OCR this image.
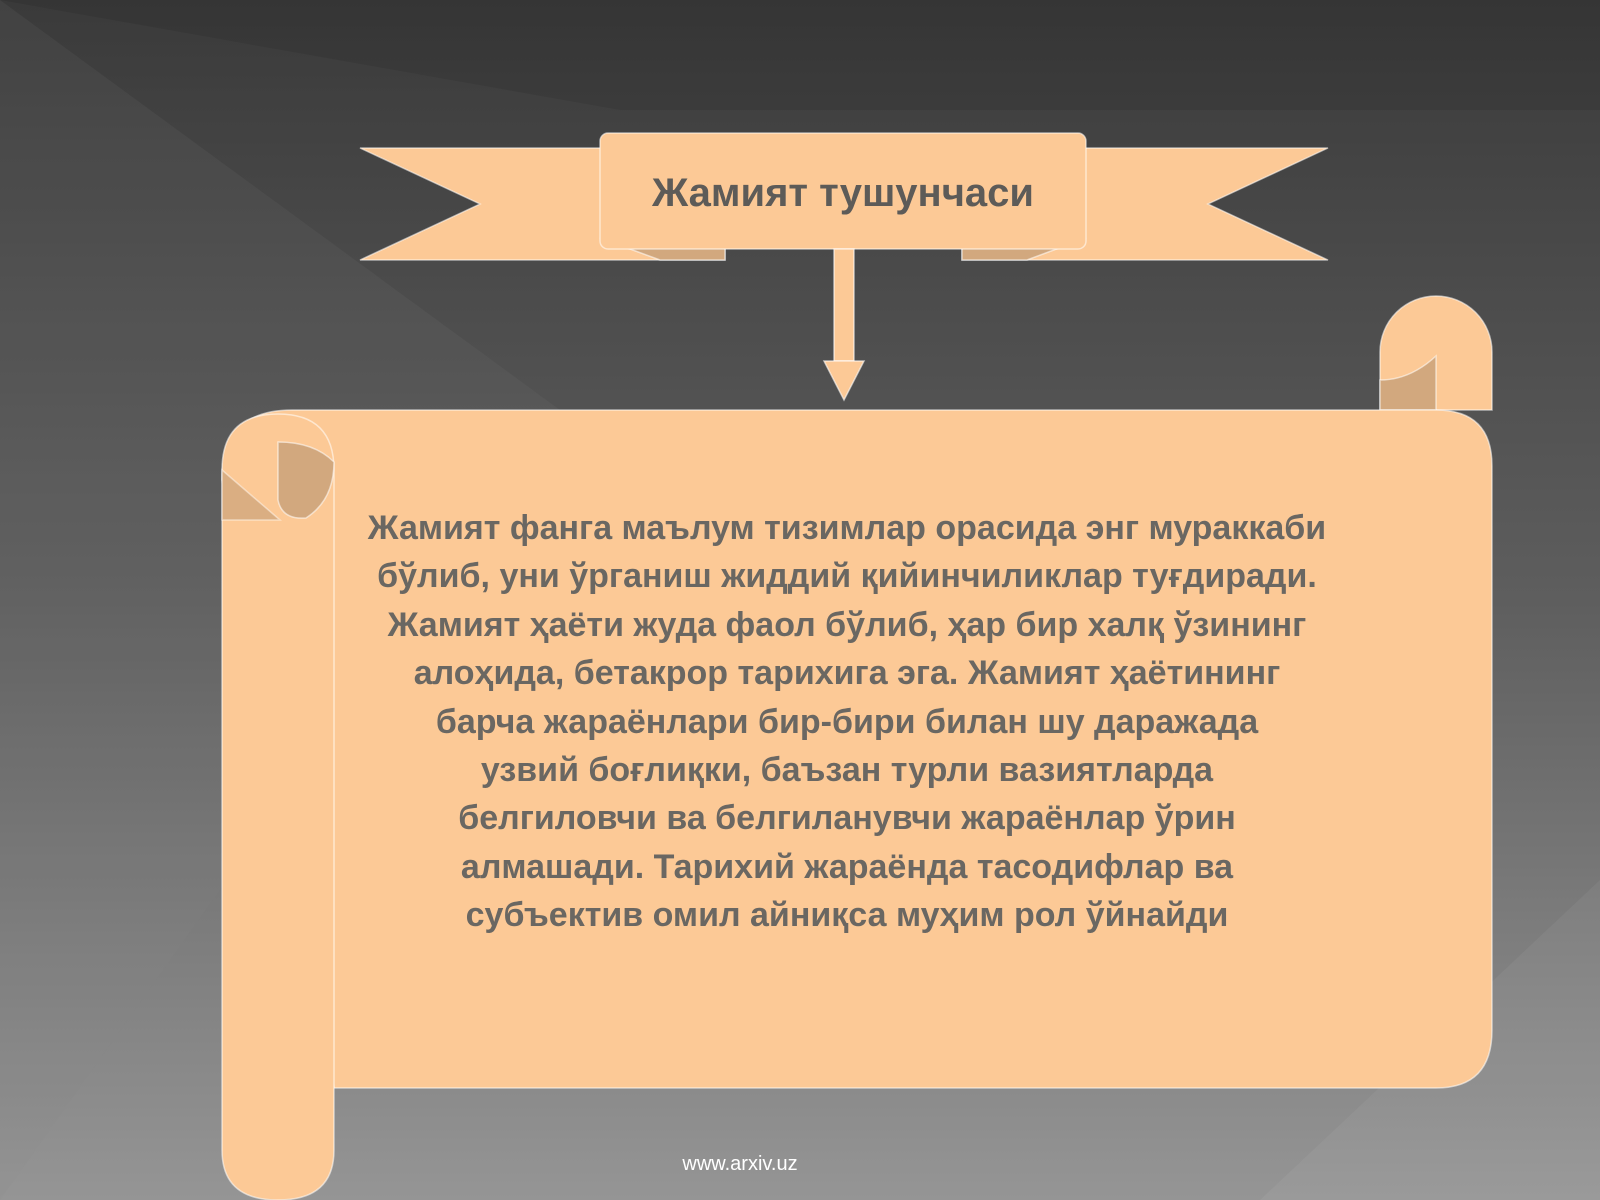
Жамият тушунчаси

Жамият фанга маълум тизимлар орасида энг мураккаби

бўлиб, уни ўрганиш жиддий қийинчиликлар туғдиради.

Жамият ҳаёти жуда фаол бўлиб, ҳар бир халқ ўзининг

алоҳида, бетакрор тарихига эга. Жамият ҳаётининг

барча жараёнлари бир-бири билан шу даражада

узвий боғлиқки, баъзан турли вазиятларда

белгиловчи ва белгиланувчи жараёнлар ўрин

алмашади. Тарихий жараёнда тасодифлар ва

субъектив омил айниқса муҳим рол ўйнайди

www.arxiv.uz
